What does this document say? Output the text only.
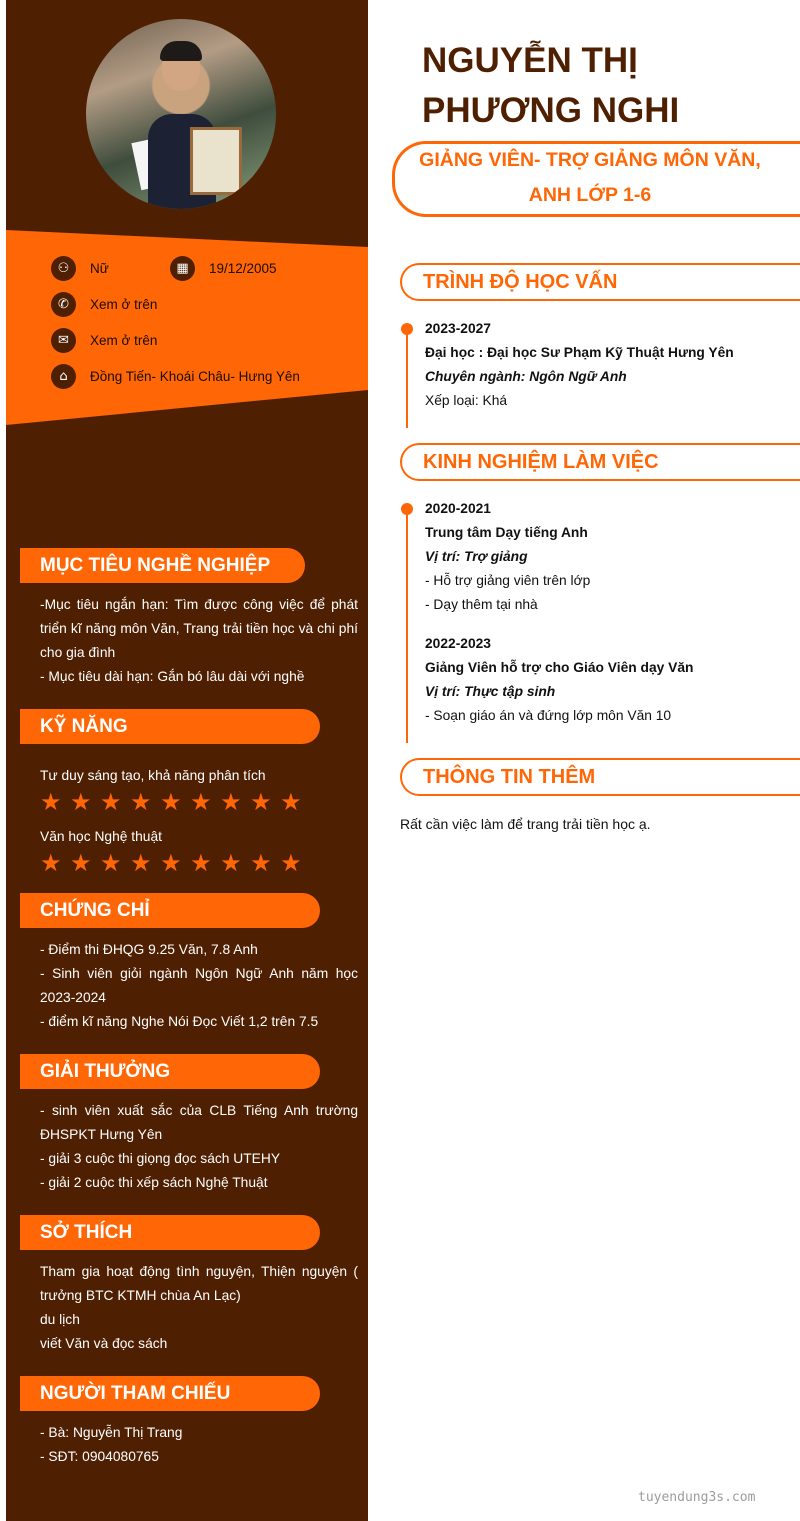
⚇	Nữ	▦	19/12/2005
✆	Xem ở trên
✉	Xem ở trên
⌂	Đồng Tiến- Khoái Châu- Hưng Yên
MỤC TIÊU NGHỀ NGHIỆP
-Mục tiêu ngắn hạn: Tìm được công việc để phát triển kĩ năng môn Văn, Trang trải tiền học và chi phí cho gia đình
- Mục tiêu dài hạn: Gắn bó lâu dài với nghề
KỸ NĂNG
Tư duy sáng tạo, khả năng phân tích
★ ★ ★ ★ ★ ★ ★ ★ ★
Văn học Nghệ thuật
★ ★ ★ ★ ★ ★ ★ ★ ★
CHỨNG CHỈ
- Điểm thi ĐHQG 9.25 Văn, 7.8 Anh
- Sinh viên giỏi ngành Ngôn Ngữ Anh năm học 2023-2024
- điểm kĩ năng Nghe Nói Đọc Viết 1,2 trên 7.5
GIẢI THƯỞNG
- sinh viên xuất sắc của CLB Tiếng Anh trường ĐHSPKT Hưng Yên
- giải 3 cuộc thi giọng đọc sách UTEHY
- giải 2 cuộc thi xếp sách Nghệ Thuật
SỞ THÍCH
Tham gia hoạt động tình nguyện, Thiện nguyện ( trưởng BTC KTMH chùa An Lạc)
du lịch
viết Văn và đọc sách
NGƯỜI THAM CHIẾU
- Bà: Nguyễn Thị Trang
- SĐT: 0904080765
NGUYỄN THỊ
PHƯƠNG NGHI
GIẢNG VIÊN- TRỢ GIẢNG MÔN VĂN,
ANH LỚP 1-6
TRÌNH ĐỘ HỌC VẤN
2023-2027
Đại học : Đại học Sư Phạm Kỹ Thuật Hưng Yên
Chuyên ngành: Ngôn Ngữ Anh
Xếp loại: Khá
KINH NGHIỆM LÀM VIỆC
2020-2021
Trung tâm Dạy tiếng Anh
Vị trí: Trợ giảng
- Hỗ trợ giảng viên trên lớp
- Dạy thêm tại nhà
2022-2023
Giảng Viên hỗ trợ cho Giáo Viên dạy Văn
Vị trí: Thực tập sinh
- Soạn giáo án và đứng lớp môn Văn 10
THÔNG TIN THÊM
Rất cần việc làm để trang trải tiền học ạ.
tuyendung3s.com
